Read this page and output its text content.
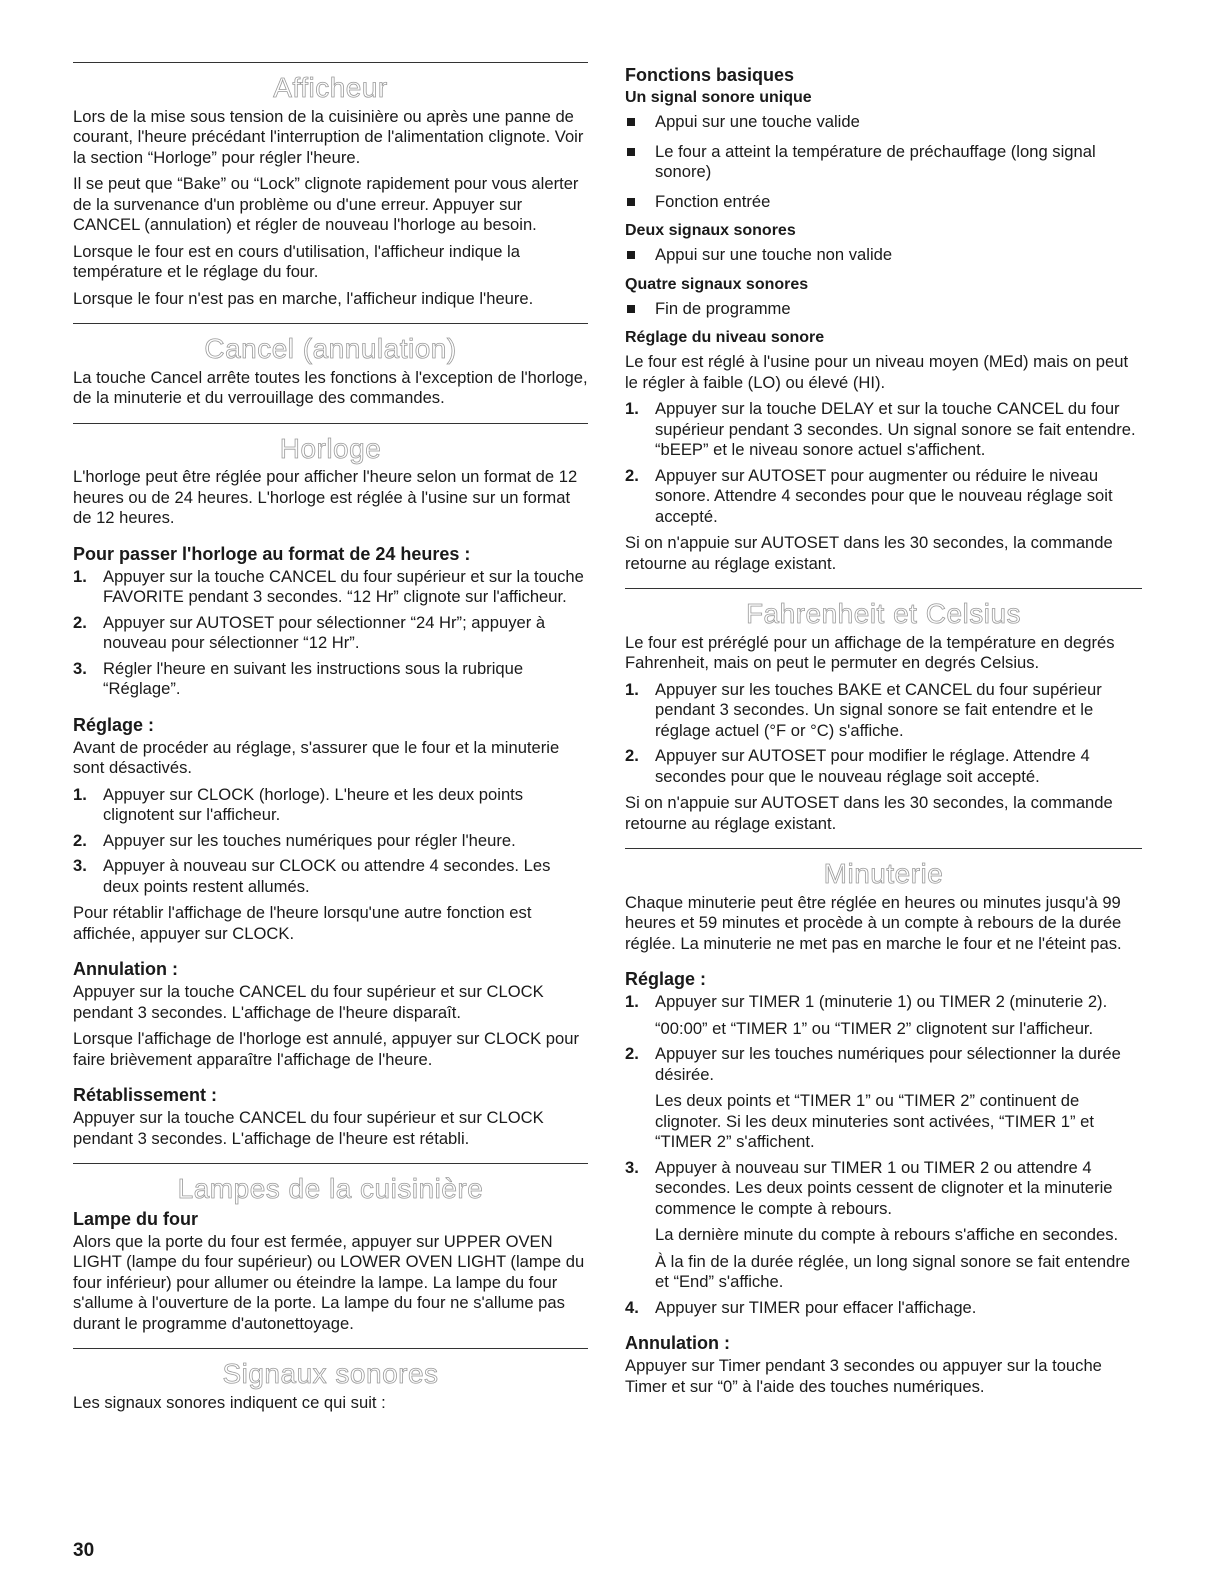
Afficheur

Lors de la mise sous tension de la cuisinière ou après une panne de courant, l'heure précédant l'interruption de l'alimentation clignote. Voir la section “Horloge” pour régler l'heure.

Il se peut que “Bake” ou “Lock” clignote rapidement pour vous alerter de la survenance d'un problème ou d'une erreur. Appuyer sur CANCEL (annulation) et régler de nouveau l'horloge au besoin.

Lorsque le four est en cours d'utilisation, l'afficheur indique la température et le réglage du four.

Lorsque le four n'est pas en marche, l'afficheur indique l'heure.

Cancel (annulation)

La touche Cancel arrête toutes les fonctions à l'exception de l'horloge, de la minuterie et du verrouillage des commandes.

Horloge

L'horloge peut être réglée pour afficher l'heure selon un format de 12 heures ou de 24 heures. L'horloge est réglée à l'usine sur un format de 12 heures.

Pour passer l'horloge au format de 24 heures :
1. Appuyer sur la touche CANCEL du four supérieur et sur la touche FAVORITE pendant 3 secondes. “12 Hr” clignote sur l'afficheur.
2. Appuyer sur AUTOSET pour sélectionner “24 Hr”; appuyer à nouveau pour sélectionner “12 Hr”.
3. Régler l'heure en suivant les instructions sous la rubrique “Réglage”.
Réglage :

Avant de procéder au réglage, s'assurer que le four et la minuterie sont désactivés.

1. Appuyer sur CLOCK (horloge). L'heure et les deux points clignotent sur l'afficheur.
2. Appuyer sur les touches numériques pour régler l'heure.
3. Appuyer à nouveau sur CLOCK ou attendre 4 secondes. Les deux points restent allumés.

Pour rétablir l'affichage de l'heure lorsqu'une autre fonction est affichée, appuyer sur CLOCK.

Annulation :

Appuyer sur la touche CANCEL du four supérieur et sur CLOCK pendant 3 secondes. L'affichage de l'heure disparaît.

Lorsque l'affichage de l'horloge est annulé, appuyer sur CLOCK pour faire brièvement apparaître l'affichage de l'heure.

Rétablissement :

Appuyer sur la touche CANCEL du four supérieur et sur CLOCK pendant 3 secondes. L'affichage de l'heure est rétabli.

Lampes de la cuisinière
Lampe du four

Alors que la porte du four est fermée, appuyer sur UPPER OVEN LIGHT (lampe du four supérieur) ou LOWER OVEN LIGHT (lampe du four inférieur) pour allumer ou éteindre la lampe. La lampe du four s'allume à l'ouverture de la porte. La lampe du four ne s'allume pas durant le programme d'autonettoyage.

Signaux sonores

Les signaux sonores indiquent ce qui suit :

Fonctions basiques
Un signal sonore unique
Appui sur une touche valide
Le four a atteint la température de préchauffage (long signal sonore)
Fonction entrée
Deux signaux sonores
Appui sur une touche non valide
Quatre signaux sonores
Fin de programme
Réglage du niveau sonore

Le four est réglé à l'usine pour un niveau moyen (MEd) mais on peut le régler à faible (LO) ou élevé (HI).

1. Appuyer sur la touche DELAY et sur la touche CANCEL du four supérieur pendant 3 secondes. Un signal sonore se fait entendre. “bEEP” et le niveau sonore actuel s'affichent.
2. Appuyer sur AUTOSET pour augmenter ou réduire le niveau sonore. Attendre 4 secondes pour que le nouveau réglage soit accepté.

Si on n'appuie sur AUTOSET dans les 30 secondes, la commande retourne au réglage existant.

Fahrenheit et Celsius

Le four est préréglé pour un affichage de la température en degrés Fahrenheit, mais on peut le permuter en degrés Celsius.

1. Appuyer sur les touches BAKE et CANCEL du four supérieur pendant 3 secondes. Un signal sonore se fait entendre et le réglage actuel (°F or °C) s'affiche.
2. Appuyer sur AUTOSET pour modifier le réglage. Attendre 4 secondes pour que le nouveau réglage soit accepté.

Si on n'appuie sur AUTOSET dans les 30 secondes, la commande retourne au réglage existant.

Minuterie

Chaque minuterie peut être réglée en heures ou minutes jusqu'à 99 heures et 59 minutes et procède à un compte à rebours de la durée réglée. La minuterie ne met pas en marche le four et ne l'éteint pas.

Réglage :
1. Appuyer sur TIMER 1 (minuterie 1) ou TIMER 2 (minuterie 2).
“00:00” et “TIMER 1” ou “TIMER 2” clignotent sur l'afficheur.
2. Appuyer sur les touches numériques pour sélectionner la durée désirée.
Les deux points et “TIMER 1” ou “TIMER 2” continuent de clignoter. Si les deux minuteries sont activées, “TIMER 1” et “TIMER 2” s'affichent.
3. Appuyer à nouveau sur TIMER 1 ou TIMER 2 ou attendre 4 secondes. Les deux points cessent de clignoter et la minuterie commence le compte à rebours.
La dernière minute du compte à rebours s'affiche en secondes.
À la fin de la durée réglée, un long signal sonore se fait entendre et “End” s'affiche.
4. Appuyer sur TIMER pour effacer l'affichage.
Annulation :

Appuyer sur Timer pendant 3 secondes ou appuyer sur la touche Timer et sur “0” à l'aide des touches numériques.

30
